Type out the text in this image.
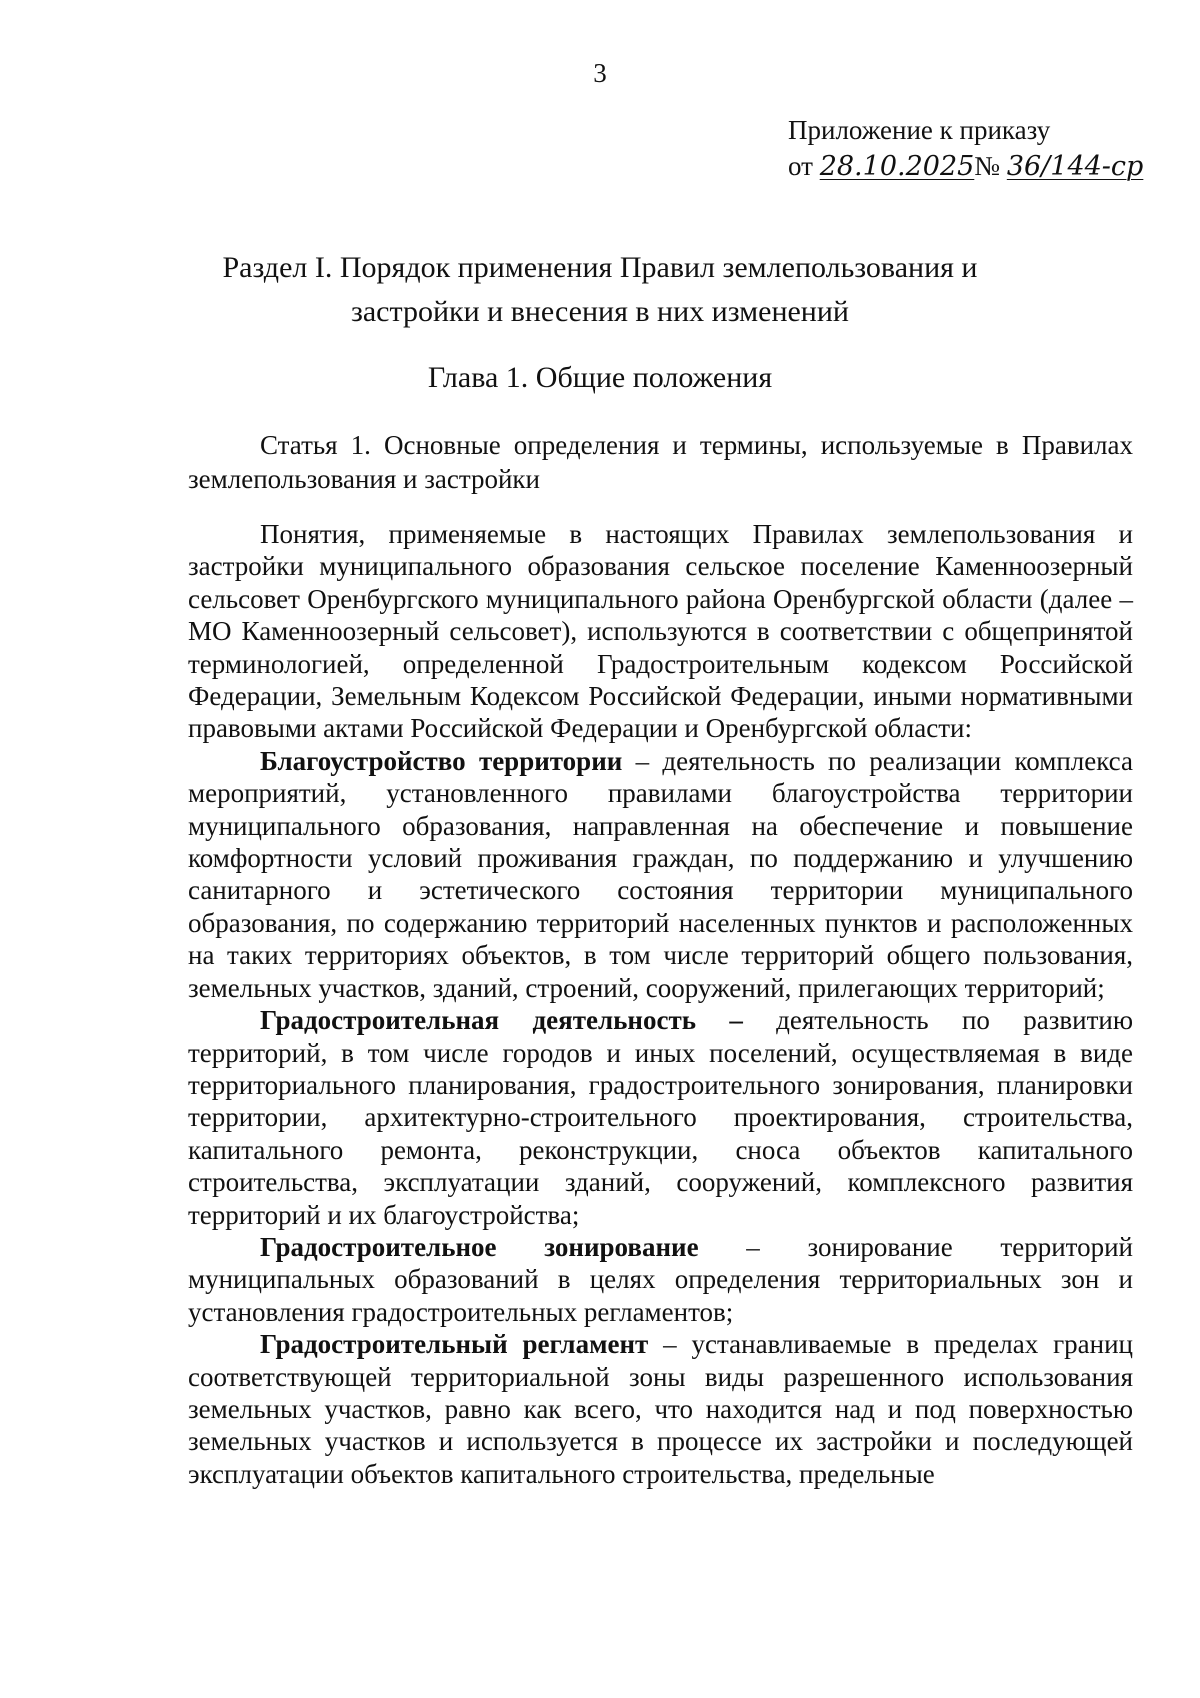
3
Приложение к приказу
от 28.10.2025№ 36/144-ср
Раздел I. Порядок применения Правил землепользования и
застройки и внесения в них изменений
Глава 1. Общие положения
Статья 1. Основные определения и термины, используемые в Правилах землепользования и застройки

Понятия, применяемые в настоящих Правилах землепользования и застройки муниципального образования сельское поселение Каменноозерный сельсовет Оренбургского муниципального района Оренбургской области (далее – МО Каменноозерный сельсовет), используются в соответствии с общепринятой терминологией, определенной Градостроительным кодексом Российской Федерации, Земельным Кодексом Российской Федерации, иными нормативными правовыми актами Российской Федерации и Оренбургской области:

Благоустройство территории – деятельность по реализации комплекса мероприятий, установленного правилами благоустройства территории муниципального образования, направленная на обеспечение и повышение комфортности условий проживания граждан, по поддержанию и улучшению санитарного и эстетического состояния территории муниципального образования, по содержанию территорий населенных пунктов и расположенных на таких территориях объектов, в том числе территорий общего пользования, земельных участков, зданий, строений, сооружений, прилегающих территорий;

Градостроительная деятельность – деятельность по развитию территорий, в том числе городов и иных поселений, осуществляемая в виде территориального планирования, градостроительного зонирования, планировки территории, архитектурно-строительного проектирования, строительства, капитального ремонта, реконструкции, сноса объектов капитального строительства, эксплуатации зданий, сооружений, комплексного развития территорий и их благоустройства;

Градостроительное зонирование – зонирование территорий муниципальных образований в целях определения территориальных зон и установления градостроительных регламентов;

Градостроительный регламент – устанавливаемые в пределах границ соответствующей территориальной зоны виды разрешенного использования земельных участков, равно как всего, что находится над и под поверхностью земельных участков и используется в процессе их застройки и последующей эксплуатации объектов капитального строительства, предельные
